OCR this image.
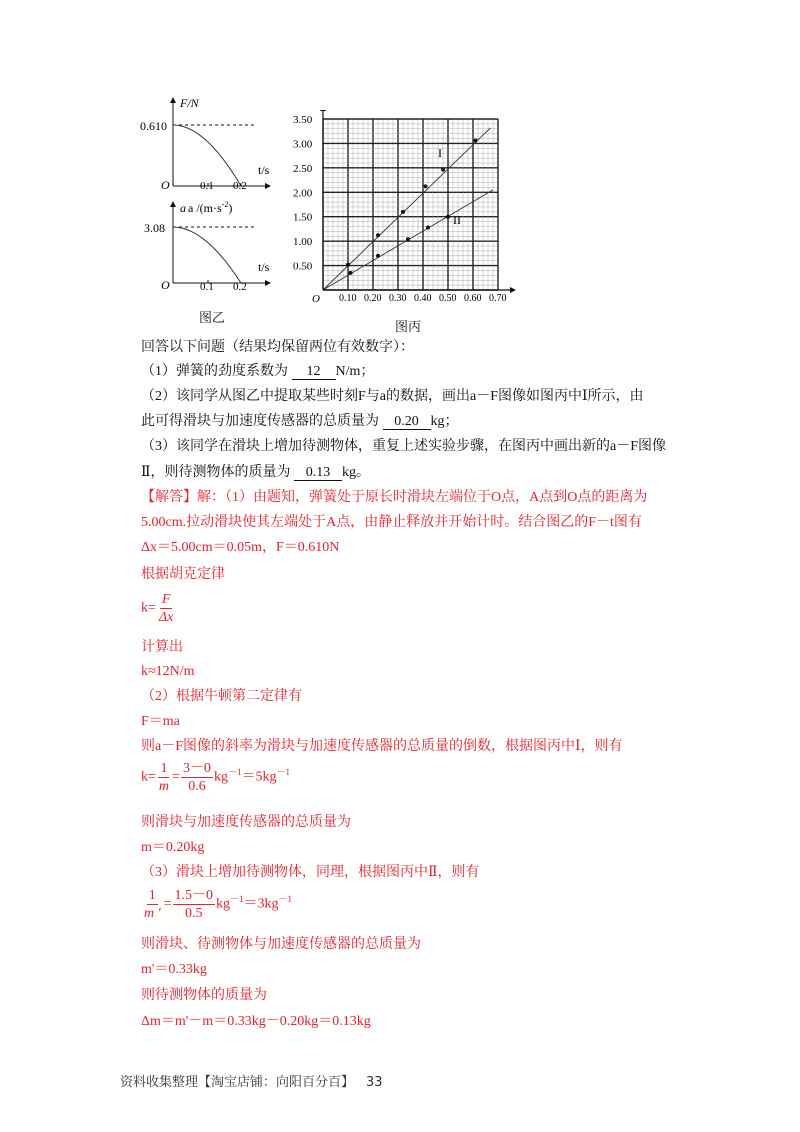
F/N
0.610
t/s
O	0.1 0.2
a a $/(m\cdot s^{-2})$
3.08
t/s
O	0.1 0.2
图乙
0.10 0.20 0.30 0.40 0.50 0.60 0.70
0.50
1.00
1.50
2.00
2.50
3.00
3.50
O
I
II
图丙
回答以下问题（结果均保留两位有效数字）：
（1）弹簧的劲度系数为 12 N/m；
（2）该同学从图乙中提取某些时刻F与a的数据，画出a－F图像如图丙中Ⅰ所示，由
此可得滑块与加速度传感器的总质量为 0.20 kg；
（3）该同学在滑块上增加待测物体，重复上述实验步骤，在图丙中画出新的a－F图像
Ⅱ，则待测物体的质量为 0.13 kg。
【解答】解：（1）由题知，弹簧处于原长时滑块左端位于O点，A点到O点的距离为
5.00cm.拉动滑块使其左端处于A点，由静止释放并开始计时。结合图乙的F－t图有
Δx＝5.00cm＝0.05m，F＝0.610N
根据胡克定律
$k= \frac{F}{\Delta x}$
计算出
k≈12N/m
（2）根据牛顿第二定律有
F＝ma
则a－F图像的斜率为滑块与加速度传感器的总质量的倒数，根据图丙中Ⅰ，则有
$k= \frac{1}{m} = \frac{3-0}{0.6} kg^{-1}=5kg^{-1}$
则滑块与加速度传感器的总质量为
m＝0.20kg
（3）滑块上增加待测物体，同理，根据图丙中Ⅱ，则有
$\frac{1}{m '} = \frac{1.5-0}{0.5} kg^{-1}=3kg^{-1}$
则滑块、待测物体与加速度传感器的总质量为
m'＝0.33kg
则待测物体的质量为
Δm＝m'－m＝0.33kg－0.20kg＝0.13kg
资料收集整理【淘宝店铺：向阳百分百】 33
